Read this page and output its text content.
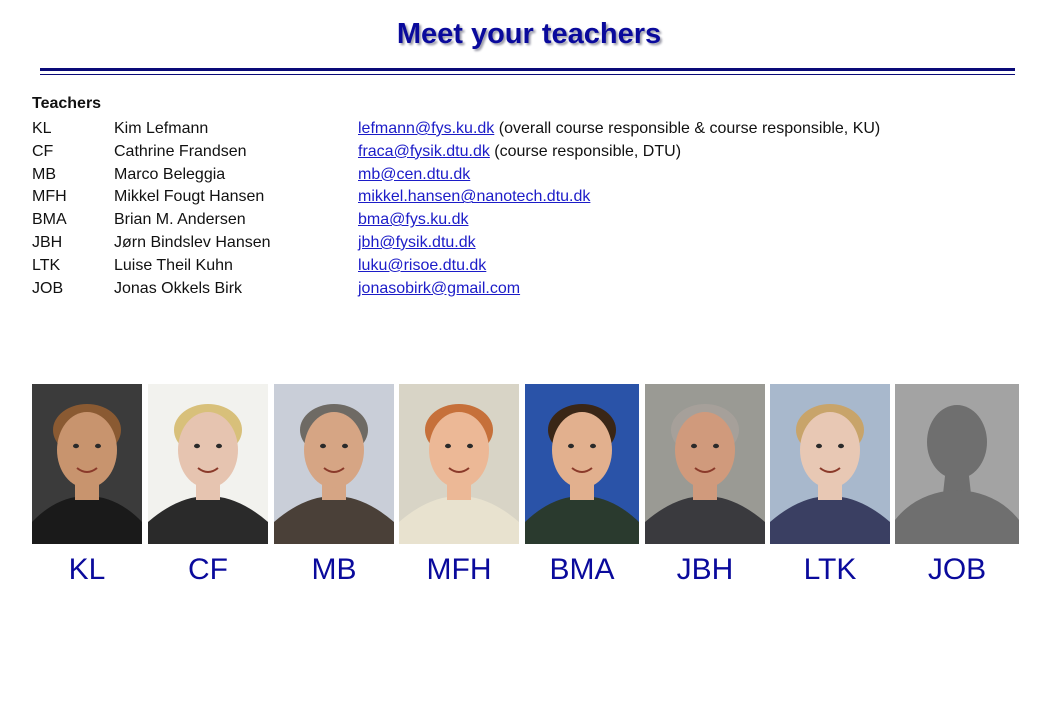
Meet your teachers
Teachers
KL	Kim Lefmann	lefmann@fys.ku.dk (overall course responsible & course responsible, KU)
CF	Cathrine Frandsen	fraca@fysik.dtu.dk (course responsible, DTU)
MB	Marco Beleggia	mb@cen.dtu.dk
MFH	Mikkel Fougt Hansen	mikkel.hansen@nanotech.dtu.dk
BMA	Brian M. Andersen	bma@fys.ku.dk
JBH	Jørn Bindslev Hansen	jbh@fysik.dtu.dk
LTK	Luise Theil Kuhn	luku@risoe.dtu.dk
JOB	Jonas Okkels Birk	jonasobirk@gmail.com
KL	CF	MB	MFH	BMA	JBH	LTK	JOB
